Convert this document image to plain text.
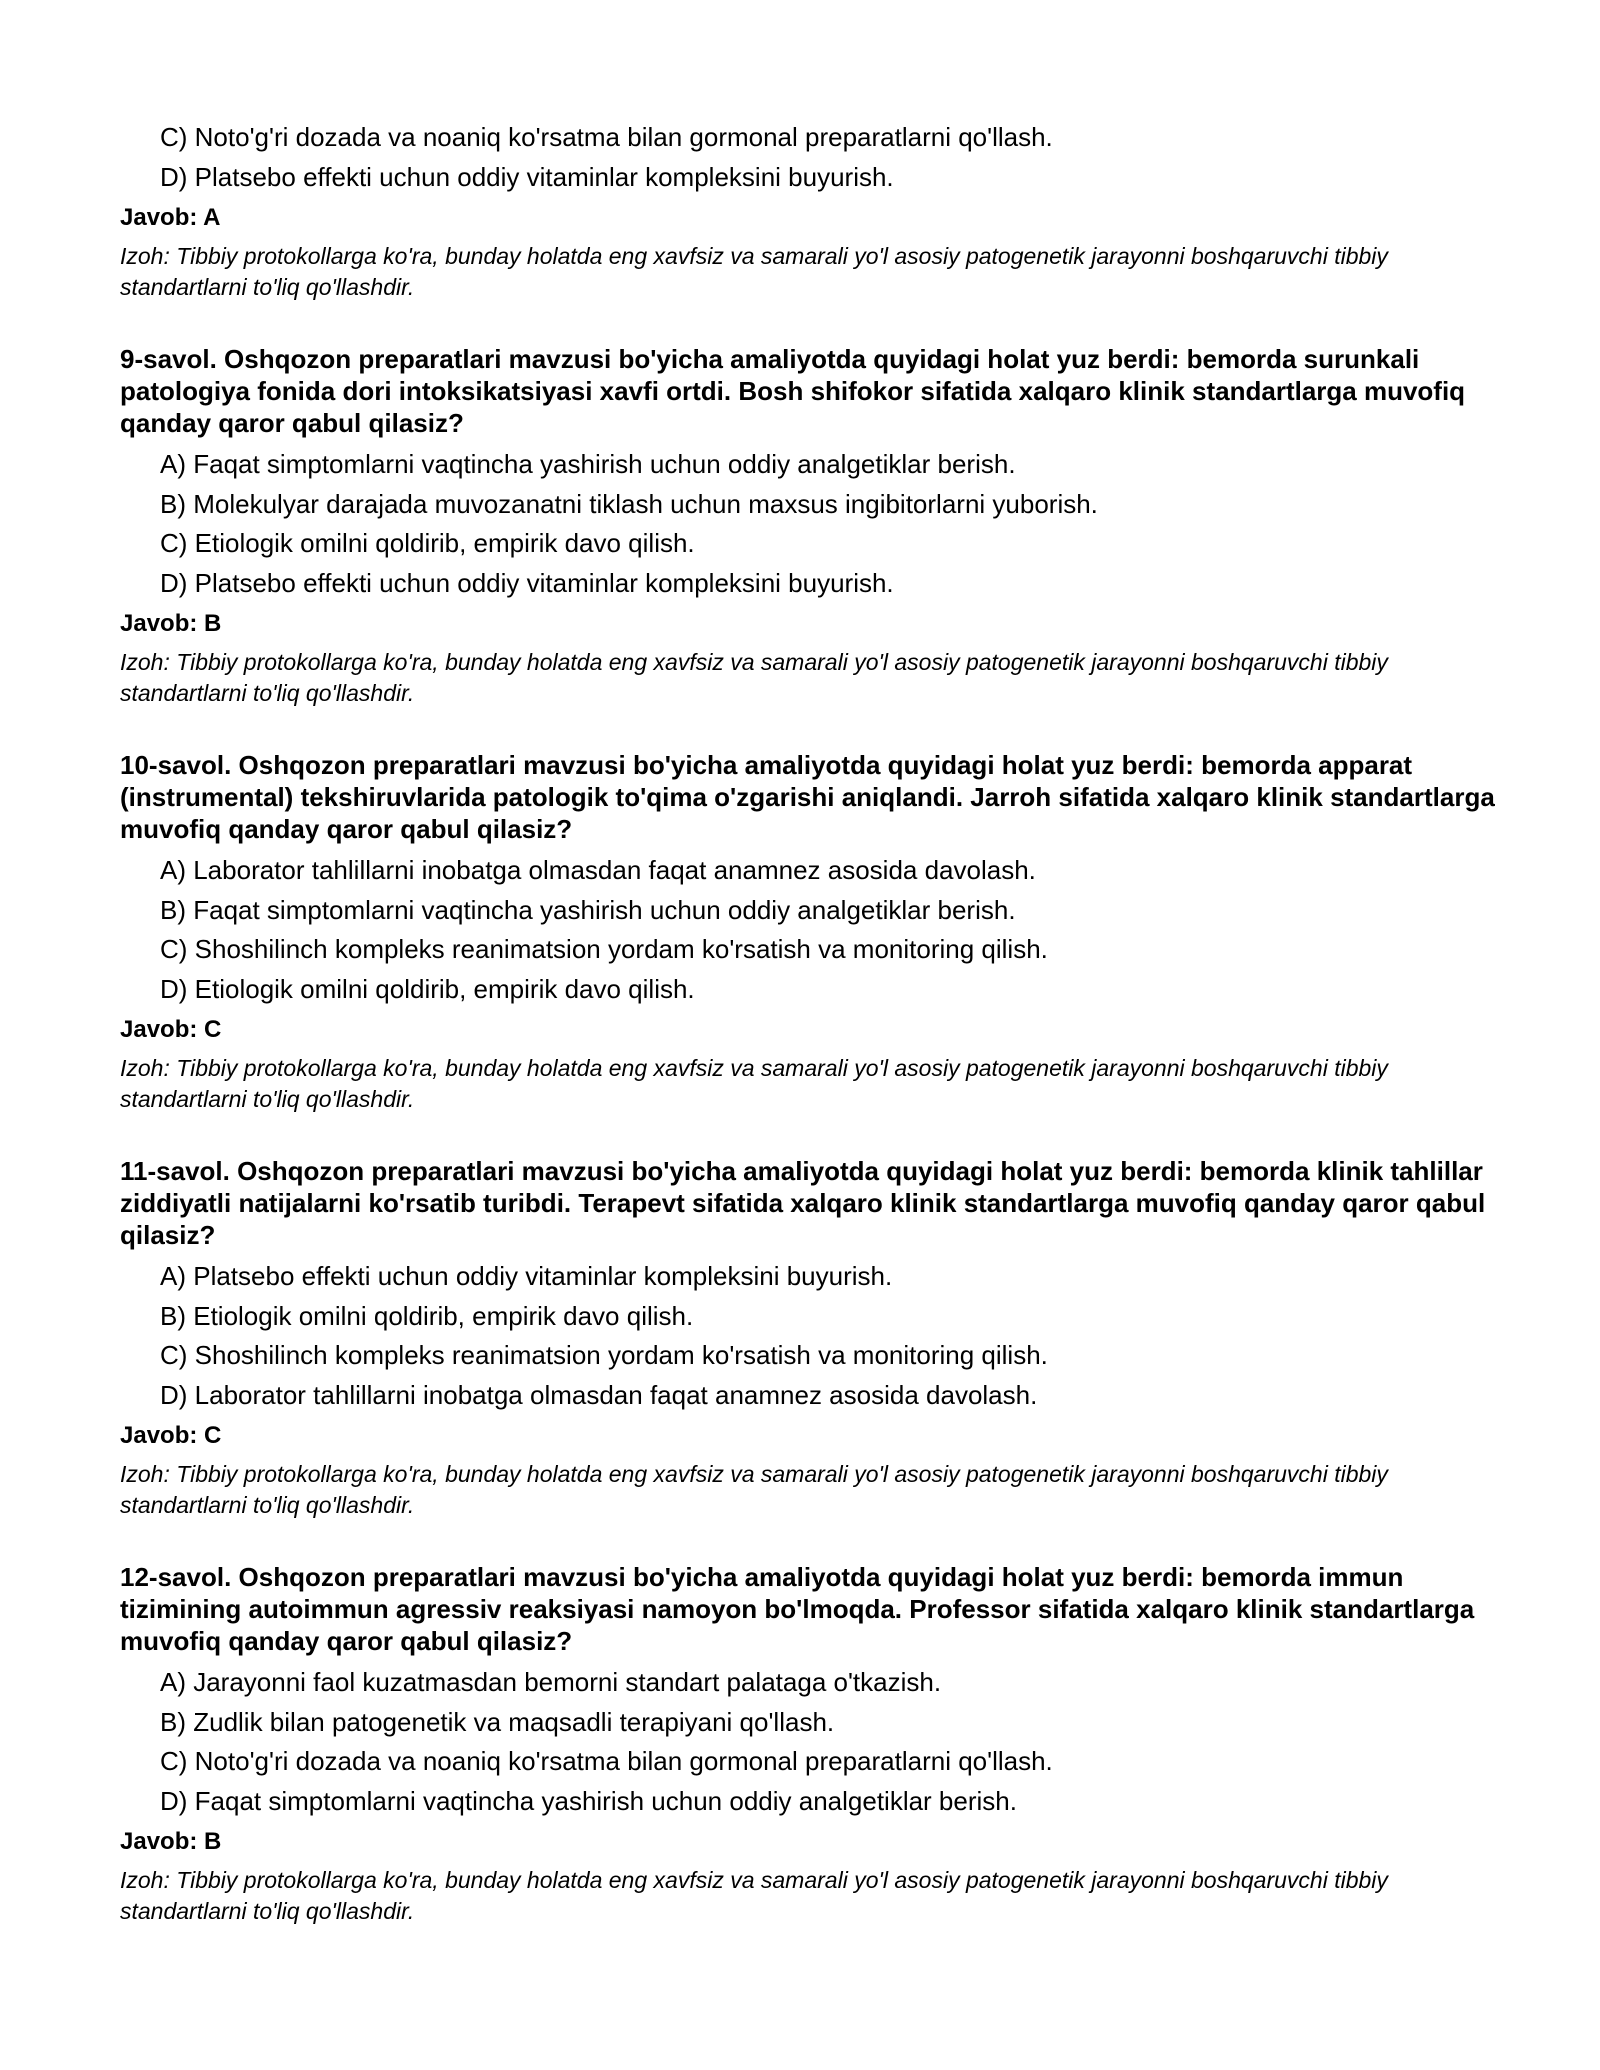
C) Noto'g'ri dozada va noaniq ko'rsatma bilan gormonal preparatlarni qo'llash.
D) Platsebo effekti uchun oddiy vitaminlar kompleksini buyurish.
Javob: A
Izoh: Tibbiy protokollarga ko'ra, bunday holatda eng xavfsiz va samarali yo'l asosiy patogenetik jarayonni boshqaruvchi tibbiy standartlarni to'liq qo'llashdir.
9-savol. Oshqozon preparatlari mavzusi bo'yicha amaliyotda quyidagi holat yuz berdi: bemorda surunkali patologiya fonida dori intoksikatsiyasi xavfi ortdi. Bosh shifokor sifatida xalqaro klinik standartlarga muvofiq qanday qaror qabul qilasiz?
A) Faqat simptomlarni vaqtincha yashirish uchun oddiy analgetiklar berish.
B) Molekulyar darajada muvozanatni tiklash uchun maxsus ingibitorlarni yuborish.
C) Etiologik omilni qoldirib, empirik davo qilish.
D) Platsebo effekti uchun oddiy vitaminlar kompleksini buyurish.
Javob: B
Izoh: Tibbiy protokollarga ko'ra, bunday holatda eng xavfsiz va samarali yo'l asosiy patogenetik jarayonni boshqaruvchi tibbiy standartlarni to'liq qo'llashdir.
10-savol. Oshqozon preparatlari mavzusi bo'yicha amaliyotda quyidagi holat yuz berdi: bemorda apparat (instrumental) tekshiruvlarida patologik to'qima o'zgarishi aniqlandi. Jarroh sifatida xalqaro klinik standartlarga muvofiq qanday qaror qabul qilasiz?
A) Laborator tahlillarni inobatga olmasdan faqat anamnez asosida davolash.
B) Faqat simptomlarni vaqtincha yashirish uchun oddiy analgetiklar berish.
C) Shoshilinch kompleks reanimatsion yordam ko'rsatish va monitoring qilish.
D) Etiologik omilni qoldirib, empirik davo qilish.
Javob: C
Izoh: Tibbiy protokollarga ko'ra, bunday holatda eng xavfsiz va samarali yo'l asosiy patogenetik jarayonni boshqaruvchi tibbiy standartlarni to'liq qo'llashdir.
11-savol. Oshqozon preparatlari mavzusi bo'yicha amaliyotda quyidagi holat yuz berdi: bemorda klinik tahlillar ziddiyatli natijalarni ko'rsatib turibdi. Terapevt sifatida xalqaro klinik standartlarga muvofiq qanday qaror qabul qilasiz?
A) Platsebo effekti uchun oddiy vitaminlar kompleksini buyurish.
B) Etiologik omilni qoldirib, empirik davo qilish.
C) Shoshilinch kompleks reanimatsion yordam ko'rsatish va monitoring qilish.
D) Laborator tahlillarni inobatga olmasdan faqat anamnez asosida davolash.
Javob: C
Izoh: Tibbiy protokollarga ko'ra, bunday holatda eng xavfsiz va samarali yo'l asosiy patogenetik jarayonni boshqaruvchi tibbiy standartlarni to'liq qo'llashdir.
12-savol. Oshqozon preparatlari mavzusi bo'yicha amaliyotda quyidagi holat yuz berdi: bemorda immun tizimining autoimmun agressiv reaksiyasi namoyon bo'lmoqda. Professor sifatida xalqaro klinik standartlarga muvofiq qanday qaror qabul qilasiz?
A) Jarayonni faol kuzatmasdan bemorni standart palataga o'tkazish.
B) Zudlik bilan patogenetik va maqsadli terapiyani qo'llash.
C) Noto'g'ri dozada va noaniq ko'rsatma bilan gormonal preparatlarni qo'llash.
D) Faqat simptomlarni vaqtincha yashirish uchun oddiy analgetiklar berish.
Javob: B
Izoh: Tibbiy protokollarga ko'ra, bunday holatda eng xavfsiz va samarali yo'l asosiy patogenetik jarayonni boshqaruvchi tibbiy standartlarni to'liq qo'llashdir.
